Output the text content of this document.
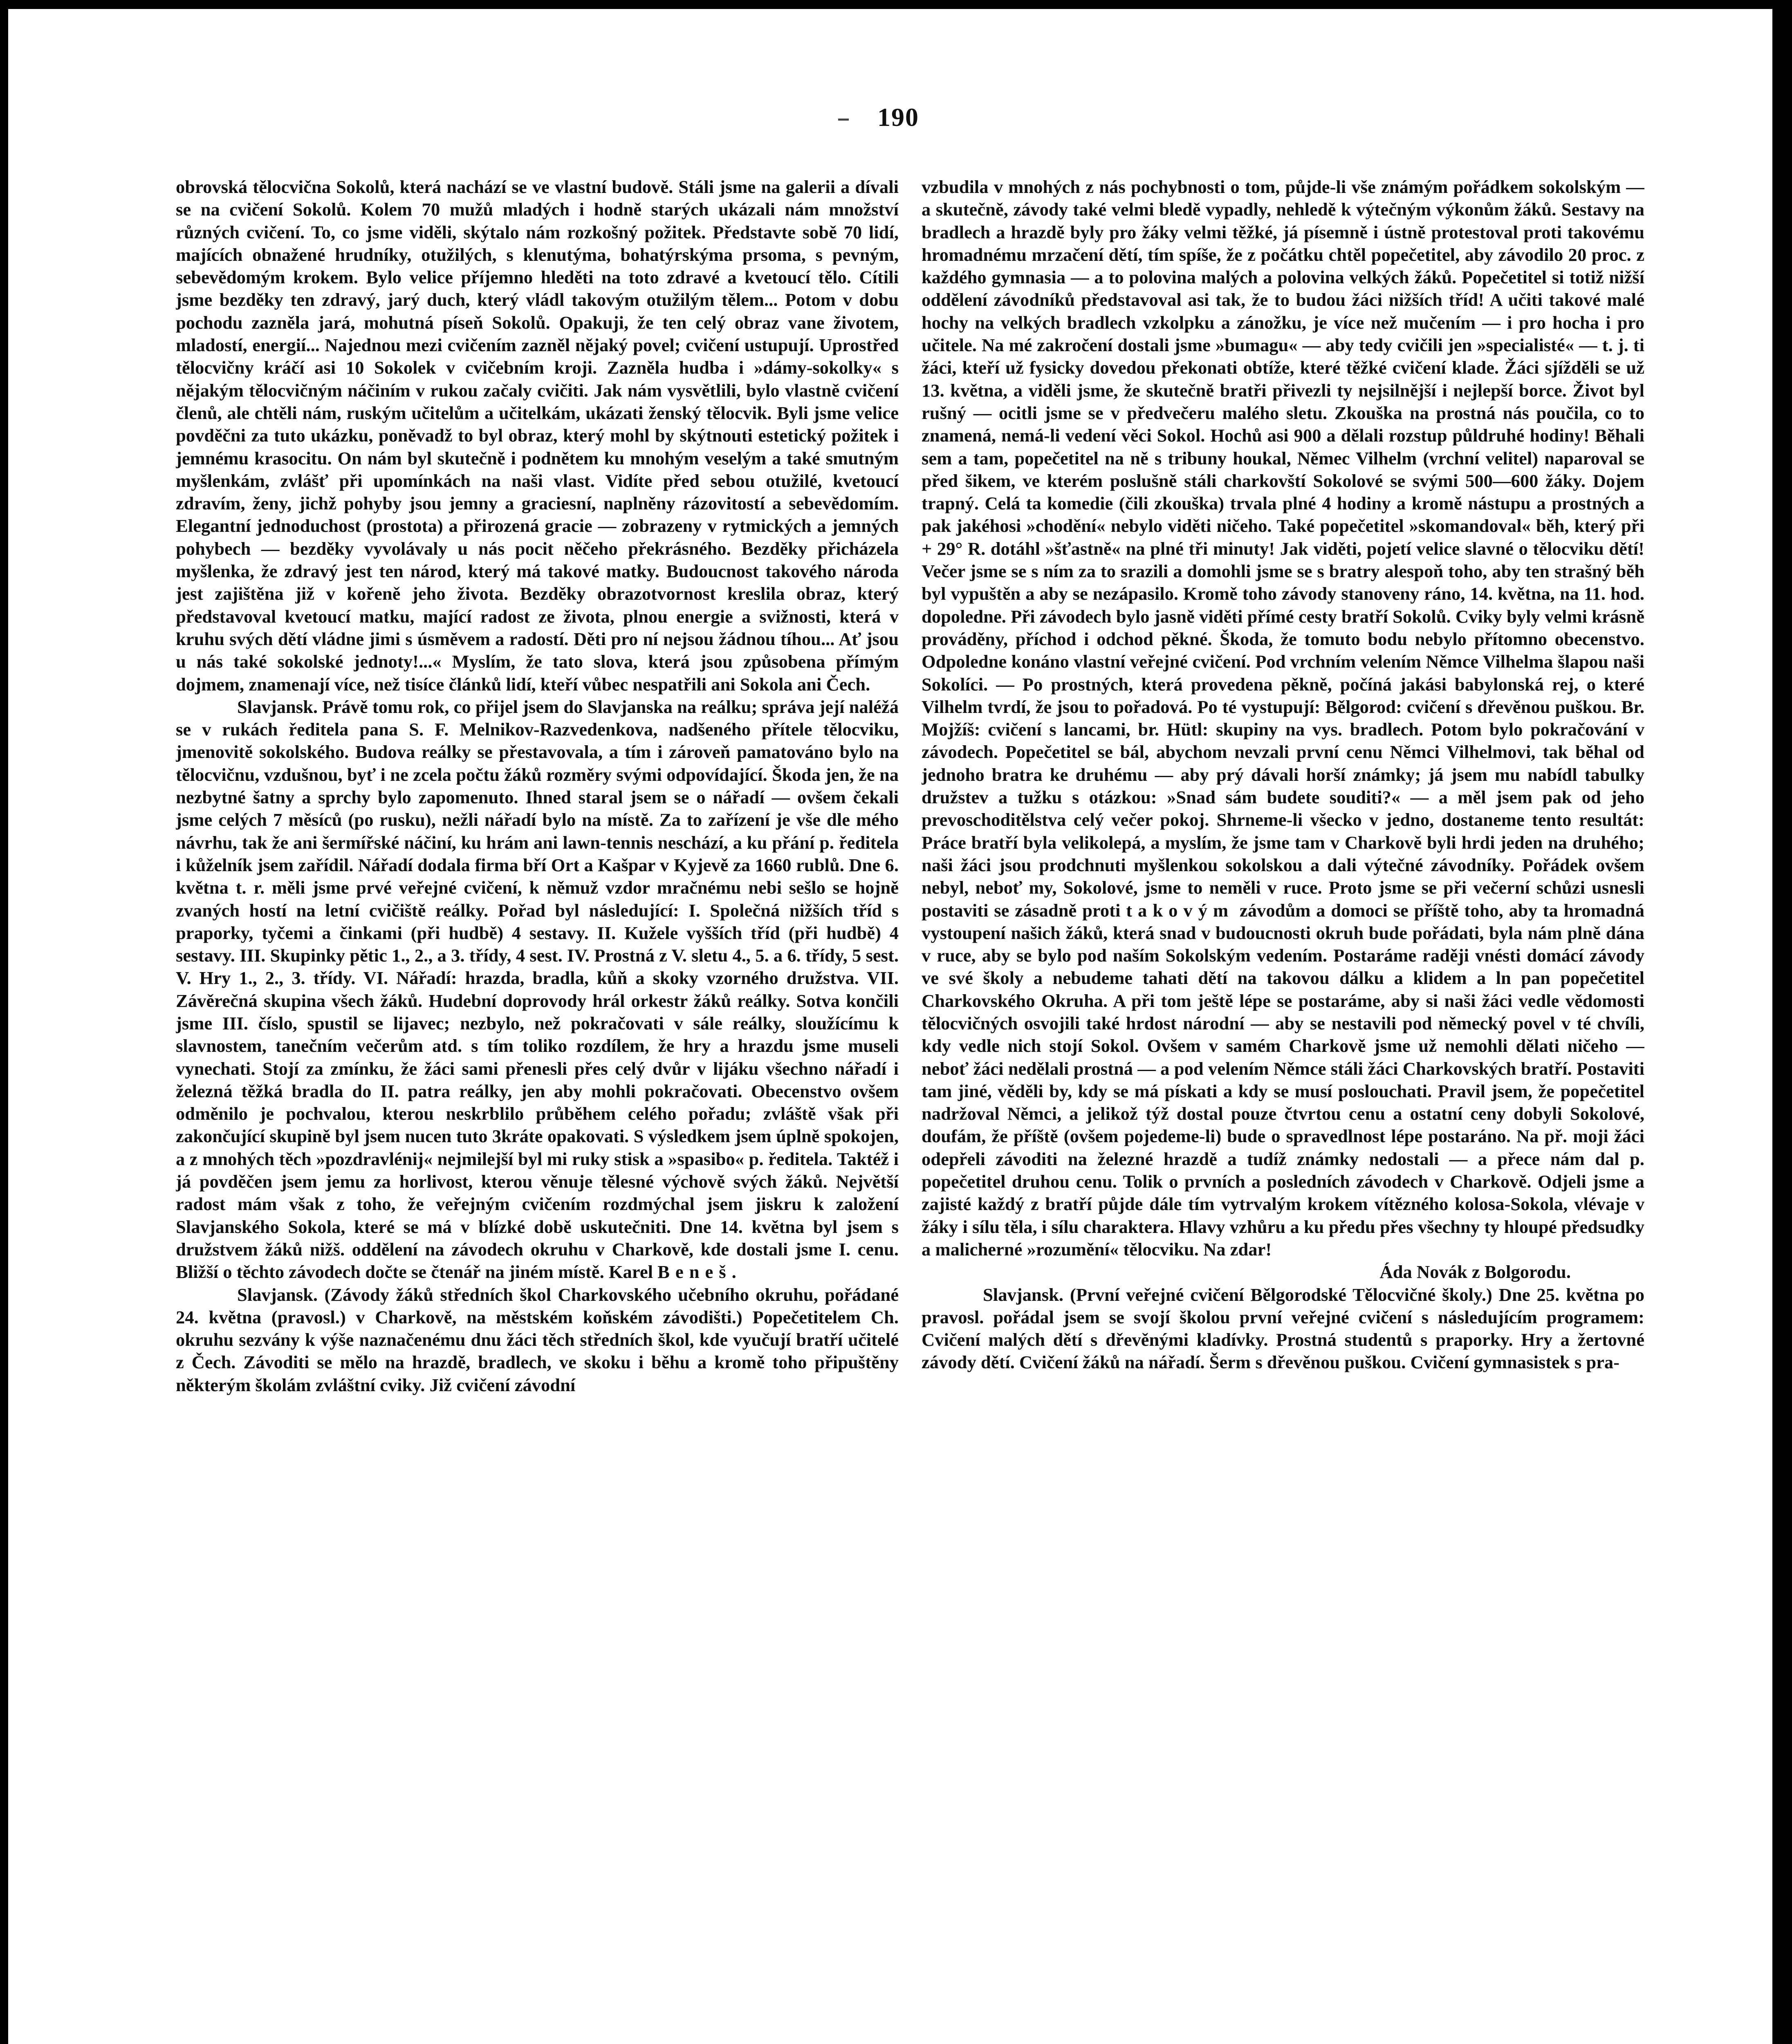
190

obrovská tělocvična Sokolů, která nachází se ve vlastní budově. Stáli jsme na galerii a dívali se na cvičení Sokolů. Kolem 70 mužů mladých i hodně starých ukázali nám množství různých cvičení. To, co jsme viděli, skýtalo nám rozkošný požitek. Představte sobě 70 lidí, majících obnažené hrudníky, otužilých, s klenutýma, bohatýrskýma prsoma, s pevným, sebevědomým krokem. Bylo velice příjemno hleděti na toto zdravé a kvetoucí tělo. Cítili jsme bezděky ten zdravý, jarý duch, který vládl takovým otužilým tělem... Potom v dobu pochodu zazněla jará, mohutná píseň Sokolů. Opakuji, že ten celý obraz vane životem, mladostí, energií... Najednou mezi cvičením zazněl nějaký povel; cvičení ustupují. Uprostřed tělocvičny kráčí asi 10 Sokolek v cvičebním kroji. Zazněla hudba i »dámy-sokolky« s nějakým tělocvičným náčiním v rukou začaly cvičiti. Jak nám vysvětlili, bylo vlastně cvičení členů, ale chtěli nám, ruským učitelům a učitelkám, ukázati ženský tělocvik. Byli jsme velice povděčni za tuto ukázku, poněvadž to byl obraz, který mohl by skýtnouti estetický požitek i jemnému krasocitu. On nám byl skutečně i podnětem ku mnohým veselým a také smutným myšlenkám, zvlášť při upomínkách na naši vlast. Vidíte před sebou otužilé, kvetoucí zdravím, ženy, jichž pohyby jsou jemny a graciesní, naplněny rázovitostí a sebevědomím. Elegantní jednoduchost (prostota) a přirozená gracie — zobrazeny v rytmických a jemných pohybech — bezděky vyvolávaly u nás pocit něčeho překrásného. Bezděky přicházela myšlenka, že zdravý jest ten národ, který má takové matky. Budoucnost takového národa jest zajištěna již v kořeně jeho života. Bezděky obrazotvornost kreslila obraz, který představoval kvetoucí matku, mající radost ze života, plnou energie a svižnosti, která v kruhu svých dětí vládne jimi s úsměvem a radostí. Děti pro ní nejsou žádnou tíhou... Ať jsou u nás také sokolské jednoty!...« Myslím, že tato slova, která jsou způsobena přímým dojmem, znamenají více, než tisíce článků lidí, kteří vůbec nespatřili ani Sokola ani Čech.

Slavjansk. Právě tomu rok, co přijel jsem do Slavjanska na reálku; správa její naléžá se v rukách ředitela pana S. F. Melnikov-Razvedenkova, nadšeného přítele tělocviku, jmenovitě sokolského. Budova reálky se přestavovala, a tím i zároveň pamatováno bylo na tělocvičnu, vzdušnou, byť i ne zcela počtu žáků rozměry svými odpovídající. Škoda jen, že na nezbytné šatny a sprchy bylo zapomenuto. Ihned staral jsem se o nářadí — ovšem čekali jsme celých 7 měsíců (po rusku), nežli nářadí bylo na místě. Za to zařízení je vše dle mého návrhu, tak že ani šermířské náčiní, ku hrám ani lawn-tennis neschází, a ku přání p. ředitela i kůželník jsem zařídil. Nářadí dodala firma bří Ort a Kašpar v Kyjevě za 1660 rublů. Dne 6. května t. r. měli jsme prvé veřejné cvičení, k němuž vzdor mračnému nebi sešlo se hojně zvaných hostí na letní cvičiště reálky. Pořad byl následující: I. Společná nižších tříd s praporky, tyčemi a činkami (při hudbě) 4 sestavy. II. Kužele vyšších tříd (při hudbě) 4 sestavy. III. Skupinky pětic 1., 2., a 3. třídy, 4 sest. IV. Prostná z V. sletu 4., 5. a 6. třídy, 5 sest. V. Hry 1., 2., 3. třídy. VI. Nářadí: hrazda, bradla, kůň a skoky vzorného družstva. VII. Závěrečná skupina všech žáků. Hudební doprovody hrál orkestr žáků reálky. Sotva končili jsme III. číslo, spustil se lijavec; nezbylo, než pokračovati v sále reálky, sloužícímu k slavnostem, tanečním večerům atd. s tím toliko rozdílem, že hry a hrazdu jsme museli vynechati. Stojí za zmínku, že žáci sami přenesli přes celý dvůr v lijáku všechno nářadí i železná těžká bradla do II. patra reálky, jen aby mohli pokračovati. Obecenstvo ovšem odměnilo je pochvalou, kterou neskrblilo průběhem celého pořadu; zvláště však při zakončující skupině byl jsem nucen tuto 3kráte opakovati. S výsledkem jsem úplně spokojen, a z mnohých těch »pozdravlénij« nejmilejší byl mi ruky stisk a »spasibo« p. ředitela. Taktéž i já povděčen jsem jemu za horlivost, kterou věnuje tělesné výchově svých žáků. Největší radost mám však z toho, že veřejným cvičením rozdmýchal jsem jiskru k založení Slavjanského Sokola, které se má v blízké době uskutečniti. Dne 14. května byl jsem s družstvem žáků nižš. oddělení na závodech okruhu v Charkově, kde dostali jsme I. cenu. Bližší o těchto závodech dočte se čtenář na jiném místě. Karel Beneš.

Slavjansk. (Závody žáků středních škol Charkovského učebního okruhu, pořádané 24. května (pravosl.) v Charkově, na městském koňském závodišti.) Popečetitelem Ch. okruhu sezvány k výše naznačenému dnu žáci těch středních škol, kde vyučují bratří učitelé z Čech. Závoditi se mělo na hrazdě, bradlech, ve skoku i běhu a kromě toho připuštěny některým školám zvláštní cviky. Již cvičení závodní

vzbudila v mnohých z nás pochybnosti o tom, půjde-li vše známým pořádkem sokolským — a skutečně, závody také velmi bledě vypadly, nehledě k výtečným výkonům žáků. Sestavy na bradlech a hrazdě byly pro žáky velmi těžké, já písemně i ústně protestoval proti takovému hromadnému mrzačení dětí, tím spíše, že z počátku chtěl popečetitel, aby závodilo 20 proc. z každého gymnasia — a to polovina malých a polovina velkých žáků. Popečetitel si totiž nižší oddělení závodníků představoval asi tak, že to budou žáci nižších tříd! A učiti takové malé hochy na velkých bradlech vzkolpku a zánožku, je více než mučením — i pro hocha i pro učitele. Na mé zakročení dostali jsme »bumagu« — aby tedy cvičili jen »specialisté« — t. j. ti žáci, kteří už fysicky dovedou překonati obtíže, které těžké cvičení klade. Žáci sjížděli se už 13. května, a viděli jsme, že skutečně bratři přivezli ty nejsilnější i nejlepší borce. Život byl rušný — ocitli jsme se v předvečeru malého sletu. Zkouška na prostná nás poučila, co to znamená, nemá-li vedení věci Sokol. Hochů asi 900 a dělali rozstup půldruhé hodiny! Běhali sem a tam, popečetitel na ně s tribuny houkal, Němec Vilhelm (vrchní velitel) naparoval se před šikem, ve kterém poslušně stáli charkovští Sokolové se svými 500—600 žáky. Dojem trapný. Celá ta komedie (čili zkouška) trvala plné 4 hodiny a kromě nástupu a prostných a pak jakéhosi »chodění« nebylo viděti ničeho. Také popečetitel »skomandoval« běh, který při + 29° R. dotáhl »šťastně« na plné tři minuty! Jak viděti, pojetí velice slavné o tělocviku dětí! Večer jsme se s ním za to srazili a domohli jsme se s bratry alespoň toho, aby ten strašný běh byl vypuštěn a aby se nezápasilo. Kromě toho závody stanoveny ráno, 14. května, na 11. hod. dopoledne. Při závodech bylo jasně viděti přímé cesty bratří Sokolů. Cviky byly velmi krásně prováděny, příchod i odchod pěkné. Škoda, že tomuto bodu nebylo přítomno obecenstvo. Odpoledne konáno vlastní veřejné cvičení. Pod vrchním velením Němce Vilhelma šlapou naši Sokolíci. — Po prostných, která provedena pěkně, počíná jakási babylonská rej, o které Vilhelm tvrdí, že jsou to pořadová. Po té vystupují: Bělgorod: cvičení s dřevěnou puškou. Br. Mojžíš: cvičení s lancami, br. Hütl: skupiny na vys. bradlech. Potom bylo pokračování v závodech. Popečetitel se bál, abychom nevzali první cenu Němci Vilhelmovi, tak běhal od jednoho bratra ke druhému — aby prý dávali horší známky; já jsem mu nabídl tabulky družstev a tužku s otázkou: »Snad sám budete souditi?« — a měl jsem pak od jeho prevoschoditělstva celý večer pokoj. Shrneme-li všecko v jedno, dostaneme tento resultát: Práce bratří byla velikolepá, a myslím, že jsme tam v Charkově byli hrdi jeden na druhého; naši žáci jsou prodchnuti myšlenkou sokolskou a dali výtečné závodníky. Pořádek ovšem nebyl, neboť my, Sokolové, jsme to neměli v ruce. Proto jsme se při večerní schůzi usnesli postaviti se zásadně proti takovým závodům a domoci se příště toho, aby ta hromadná vystoupení našich žáků, která snad v budoucnosti okruh bude pořádati, byla nám plně dána v ruce, aby se bylo pod naším Sokolským vedením. Postaráme raději vnésti domácí závody ve své školy a nebudeme tahati dětí na takovou dálku a klidem a ln pan popečetitel Charkovského Okruha. A při tom ještě lépe se postaráme, aby si naši žáci vedle vědomosti tělocvičných osvojili také hrdost národní — aby se nestavili pod německý povel v té chvíli, kdy vedle nich stojí Sokol. Ovšem v samém Charkově jsme už nemohli dělati ničeho — neboť žáci nedělali prostná — a pod velením Němce stáli žáci Charkovských bratří. Postaviti tam jiné, věděli by, kdy se má pískati a kdy se musí poslouchati. Pravil jsem, že popečetitel nadržoval Němci, a jelikož týž dostal pouze čtvrtou cenu a ostatní ceny dobyli Sokolové, doufám, že příště (ovšem pojedeme-li) bude o spravedlnost lépe postaráno. Na př. moji žáci odepřeli závoditi na železné hrazdě a tudíž známky nedostali — a přece nám dal p. popečetitel druhou cenu. Tolik o prvních a posledních závodech v Charkově. Odjeli jsme a zajisté každý z bratří půjde dále tím vytrvalým krokem vítězného kolosa-Sokola, vlévaje v žáky i sílu těla, i sílu charaktera. Hlavy vzhůru a ku předu přes všechny ty hloupé předsudky a malicherné »rozumění« tělocviku. Na zdar!

Áda Novák z Bolgorodu.

Slavjansk. (První veřejné cvičení Bělgorodské Tělocvičné školy.) Dne 25. května po pravosl. pořádal jsem se svojí školou první veřejné cvičení s následujícím programem: Cvičení malých dětí s dřevěnými kladívky. Prostná studentů s praporky. Hry a žertovné závody dětí. Cvičení žáků na nářadí. Šerm s dřevěnou puškou. Cvičení gymnasistek s pra-
